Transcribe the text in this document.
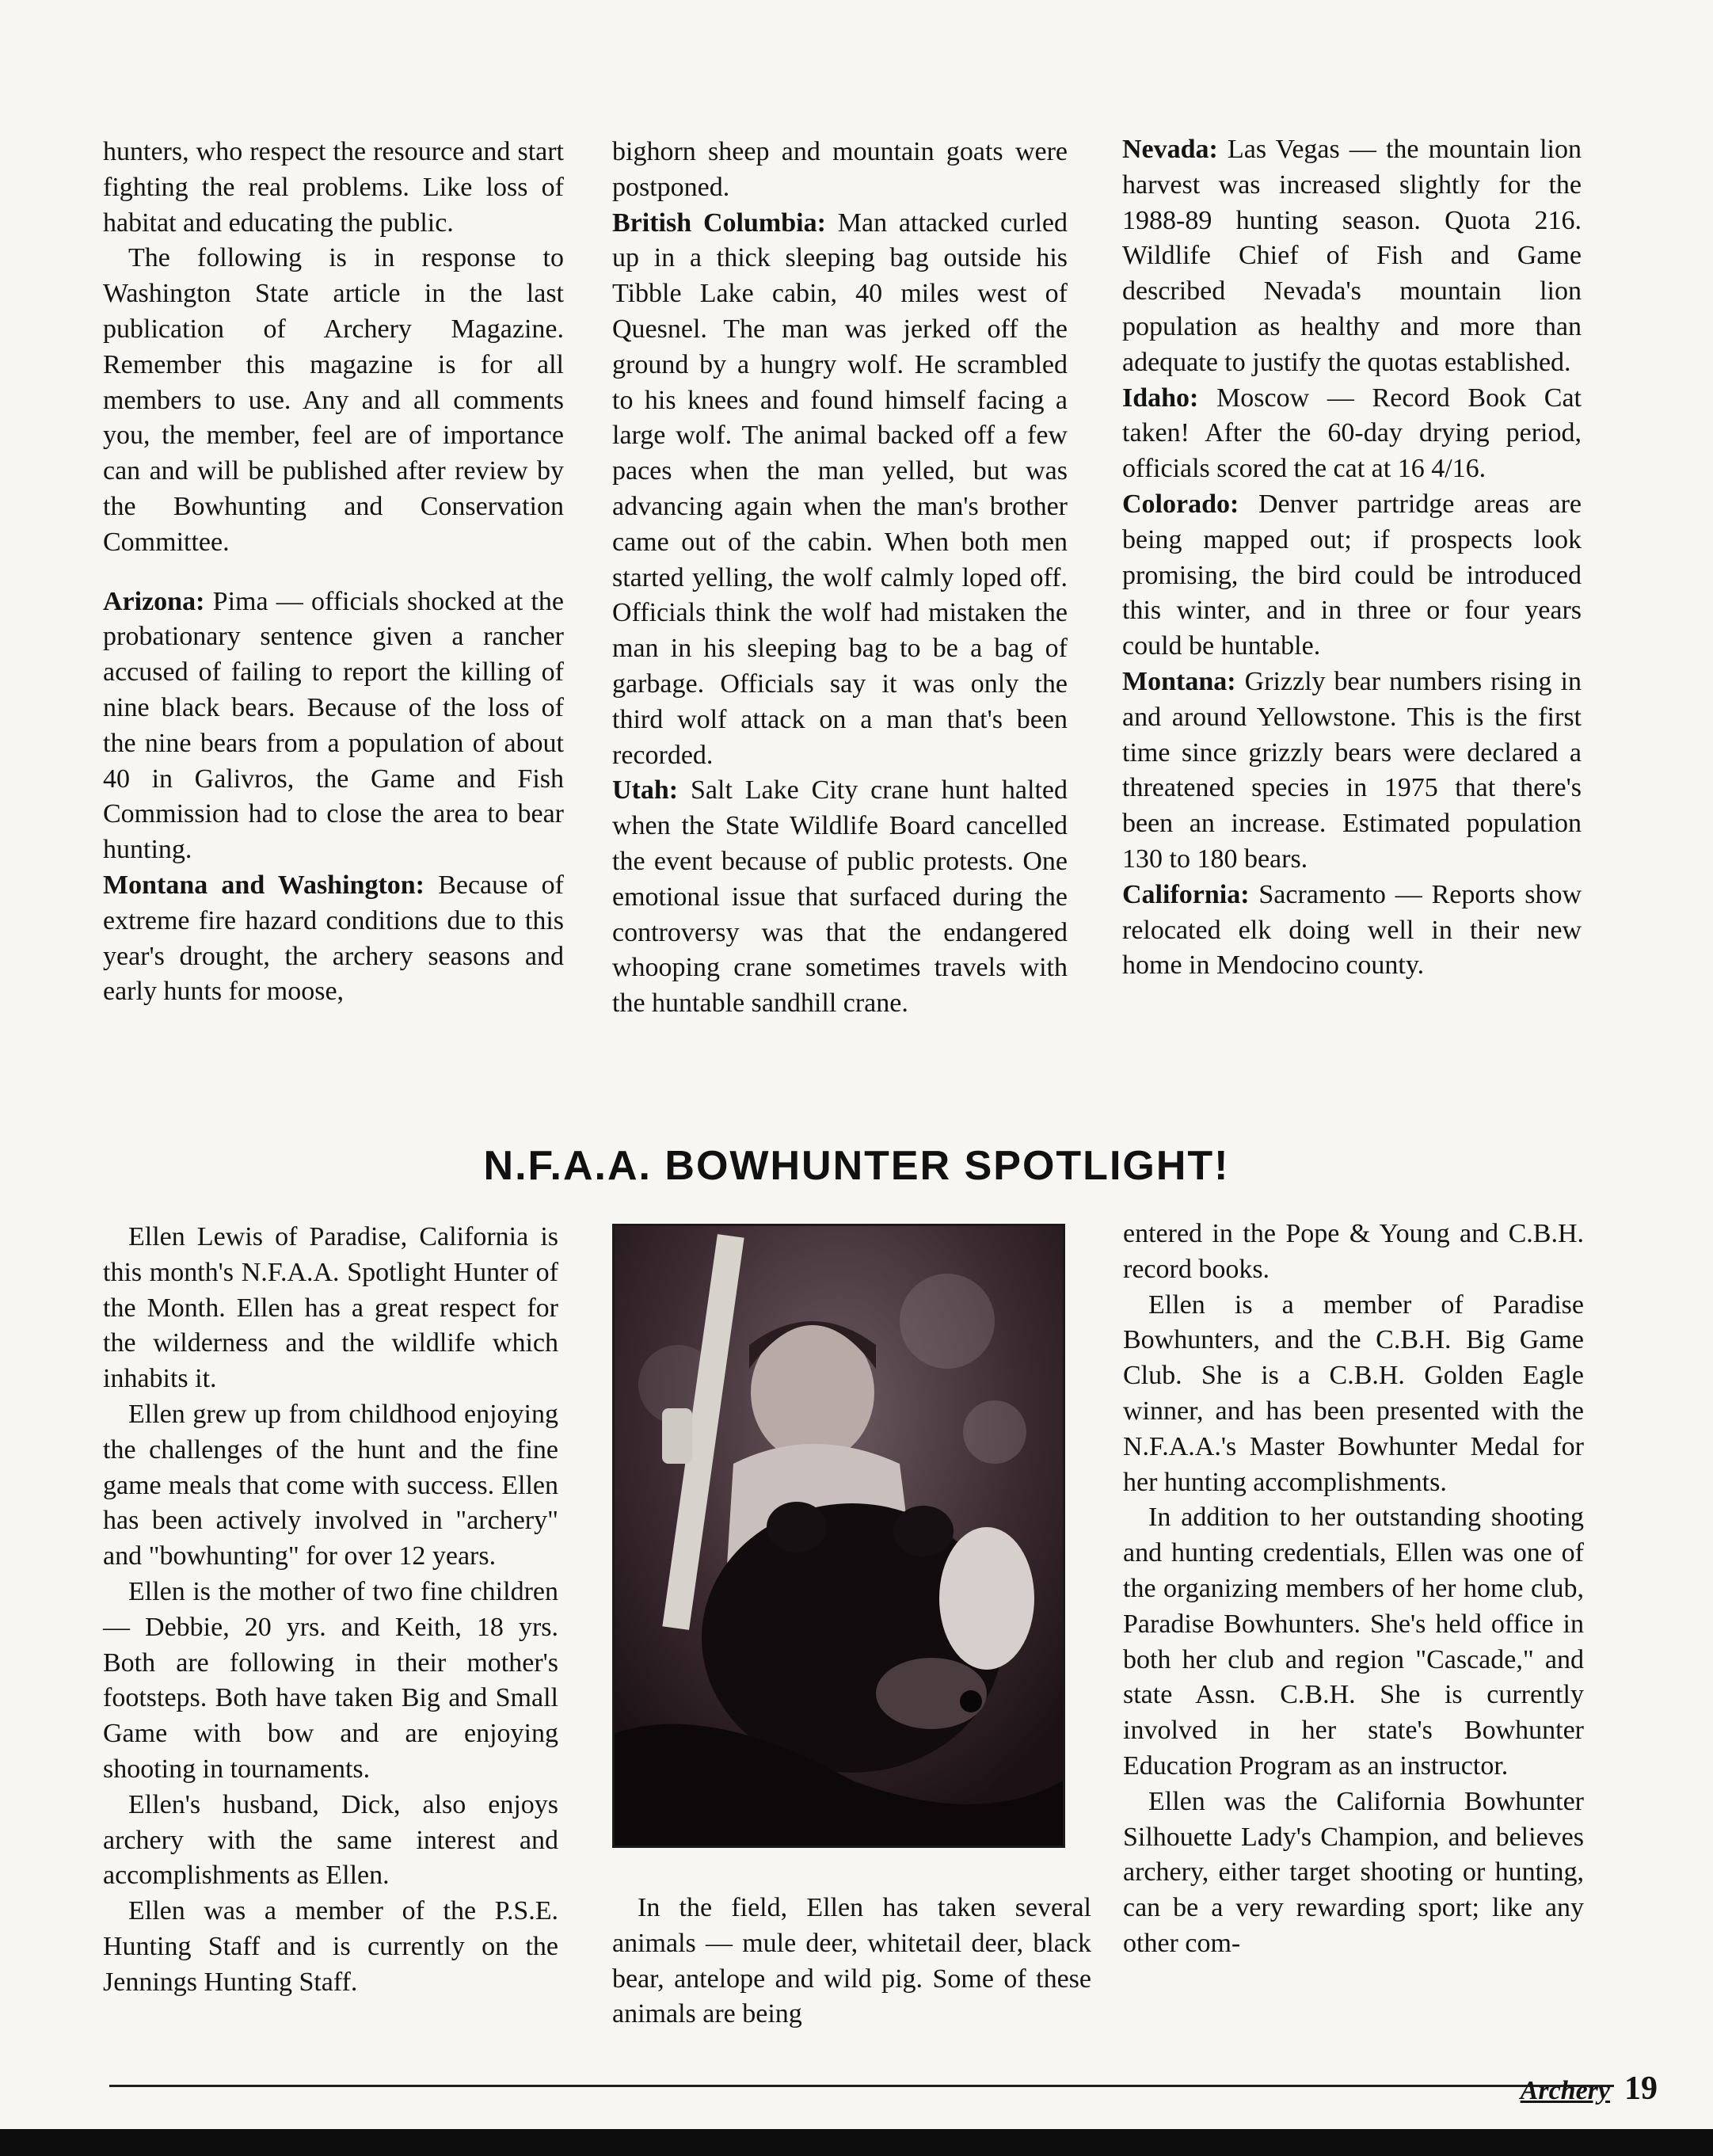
hunters, who respect the resource and start fighting the real problems. Like loss of habitat and educating the public.

The following is in response to Washington State article in the last publication of Archery Magazine. Remember this magazine is for all members to use. Any and all comments you, the member, feel are of importance can and will be published after review by the Bowhunting and Conservation Committee.

Arizona: Pima — officials shocked at the probationary sentence given a rancher accused of failing to report the killing of nine black bears. Because of the loss of the nine bears from a population of about 40 in Galivros, the Game and Fish Commission had to close the area to bear hunting.

Montana and Washington: Because of extreme fire hazard conditions due to this year's drought, the archery seasons and early hunts for moose,

bighorn sheep and mountain goats were postponed.

British Columbia: Man attacked curled up in a thick sleeping bag outside his Tibble Lake cabin, 40 miles west of Quesnel. The man was jerked off the ground by a hungry wolf. He scrambled to his knees and found himself facing a large wolf. The animal backed off a few paces when the man yelled, but was advancing again when the man's brother came out of the cabin. When both men started yelling, the wolf calmly loped off. Officials think the wolf had mistaken the man in his sleeping bag to be a bag of garbage. Officials say it was only the third wolf attack on a man that's been recorded.

Utah: Salt Lake City crane hunt halted when the State Wildlife Board cancelled the event because of public protests. One emotional issue that surfaced during the controversy was that the endangered whooping crane sometimes travels with the huntable sandhill crane.

Nevada: Las Vegas — the mountain lion harvest was increased slightly for the 1988-89 hunting season. Quota 216. Wildlife Chief of Fish and Game described Nevada's mountain lion population as healthy and more than adequate to justify the quotas established.

Idaho: Moscow — Record Book Cat taken! After the 60-day drying period, officials scored the cat at 16 4/16.

Colorado: Denver partridge areas are being mapped out; if prospects look promising, the bird could be introduced this winter, and in three or four years could be huntable.

Montana: Grizzly bear numbers rising in and around Yellowstone. This is the first time since grizzly bears were declared a threatened species in 1975 that there's been an increase. Estimated population 130 to 180 bears.

California: Sacramento — Reports show relocated elk doing well in their new home in Mendocino county.

N.F.A.A. BOWHUNTER SPOTLIGHT!

Ellen Lewis of Paradise, California is this month's N.F.A.A. Spotlight Hunter of the Month. Ellen has a great respect for the wilderness and the wildlife which inhabits it.

Ellen grew up from childhood enjoying the challenges of the hunt and the fine game meals that come with success. Ellen has been actively involved in "archery" and "bowhunting" for over 12 years.

Ellen is the mother of two fine children — Debbie, 20 yrs. and Keith, 18 yrs. Both are following in their mother's footsteps. Both have taken Big and Small Game with bow and are enjoying shooting in tournaments.

Ellen's husband, Dick, also enjoys archery with the same interest and accomplishments as Ellen.

Ellen was a member of the P.S.E. Hunting Staff and is currently on the Jennings Hunting Staff.

In the field, Ellen has taken several animals — mule deer, whitetail deer, black bear, antelope and wild pig. Some of these animals are being

entered in the Pope & Young and C.B.H. record books.

Ellen is a member of Paradise Bowhunters, and the C.B.H. Big Game Club. She is a C.B.H. Golden Eagle winner, and has been presented with the N.F.A.A.'s Master Bowhunter Medal for her hunting accomplishments.

In addition to her outstanding shooting and hunting credentials, Ellen was one of the organizing members of her home club, Paradise Bowhunters. She's held office in both her club and region "Cascade," and state Assn. C.B.H. She is currently involved in her state's Bowhunter Education Program as an instructor.

Ellen was the California Bowhunter Silhouette Lady's Champion, and believes archery, either target shooting or hunting, can be a very rewarding sport; like any other com-

Archery 19
